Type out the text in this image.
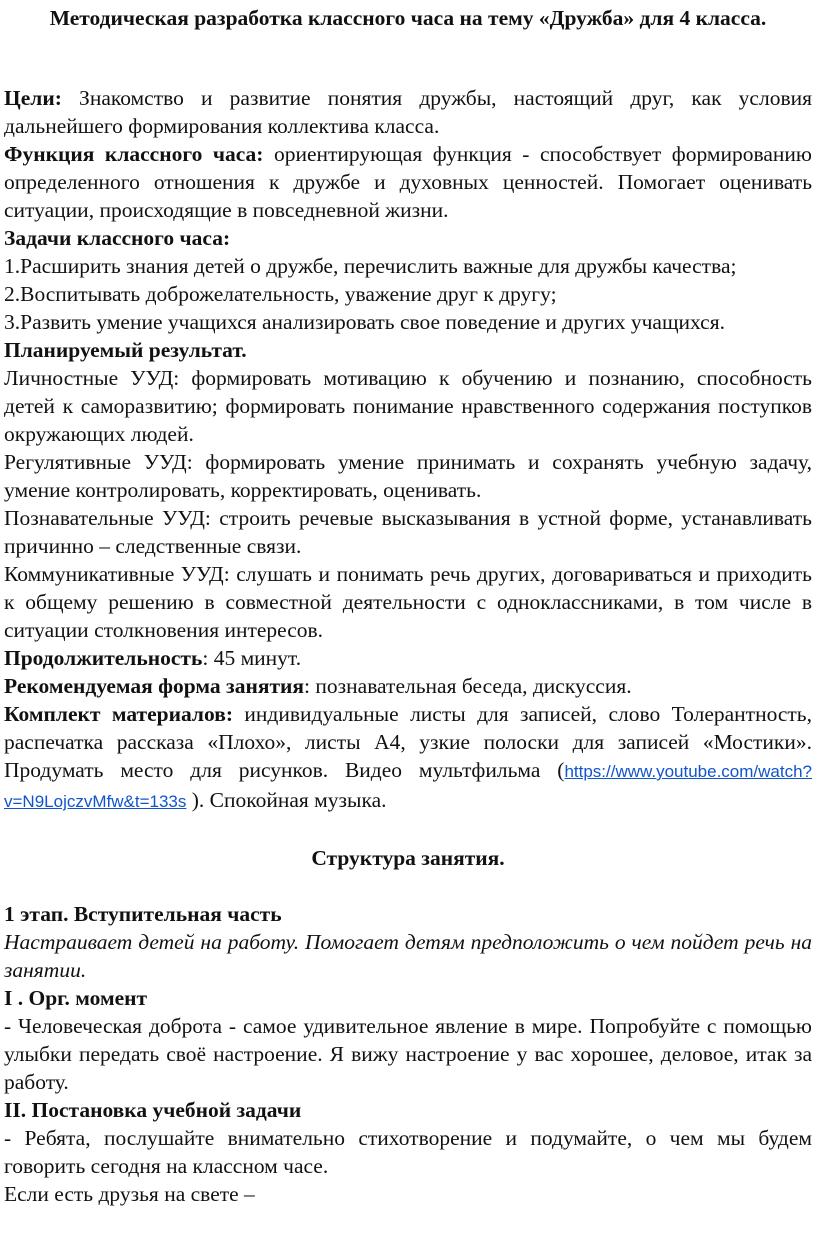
Методическая разработка классного часа на тему «Дружба» для 4 класса.

Цели: Знакомство и развитие понятия дружбы, настоящий друг, как условия дальнейшего формирования коллектива класса.

Функция классного часа: ориентирующая функция - способствует формированию определенного отношения к дружбе и духовных ценностей. Помогает оценивать ситуации, происходящие в повседневной жизни.

Задачи классного часа:

1.Расширить знания детей о дружбе, перечислить важные для дружбы качества;

2.Воспитывать доброжелательность, уважение друг к другу;

3.Развить умение учащихся анализировать свое поведение и других учащихся.

Планируемый результат.

Личностные УУД: формировать мотивацию к обучению и познанию, способность детей к саморазвитию; формировать понимание нравственного содержания поступков окружающих людей.

Регулятивные УУД: формировать умение принимать и сохранять учебную задачу, умение контролировать, корректировать, оценивать.

Познавательные УУД: строить речевые высказывания в устной форме, устанавливать причинно – следственные связи.

Коммуникативные УУД: слушать и понимать речь других, договариваться и приходить к общему решению в совместной деятельности с одноклассниками, в том числе в ситуации столкновения интересов.

Продолжительность: 45 минут.

Рекомендуемая форма занятия: познавательная беседа, дискуссия.

Комплект материалов: индивидуальные листы для записей, слово Толерантность, распечатка рассказа «Плохо», листы А4, узкие полоски для записей «Мостики». Продумать место для рисунков. Видео мультфильма (https://www.youtube.com/watch?v=N9LojczvMfw&t=133s ). Спокойная музыка.

Структура занятия.

1 этап. Вступительная часть

Настраивает детей на работу. Помогает детям предположить о чем пойдет речь на занятии.

I . Орг. момент

- Человеческая доброта - самое удивительное явление в мире. Попробуйте с помощью улыбки передать своё настроение. Я вижу настроение у вас хорошее, деловое, итак за работу.

II. Постановка учебной задачи

- Ребята, послушайте внимательно стихотворение и подумайте, о чем мы будем говорить сегодня на классном часе.

Если есть друзья на свете –
